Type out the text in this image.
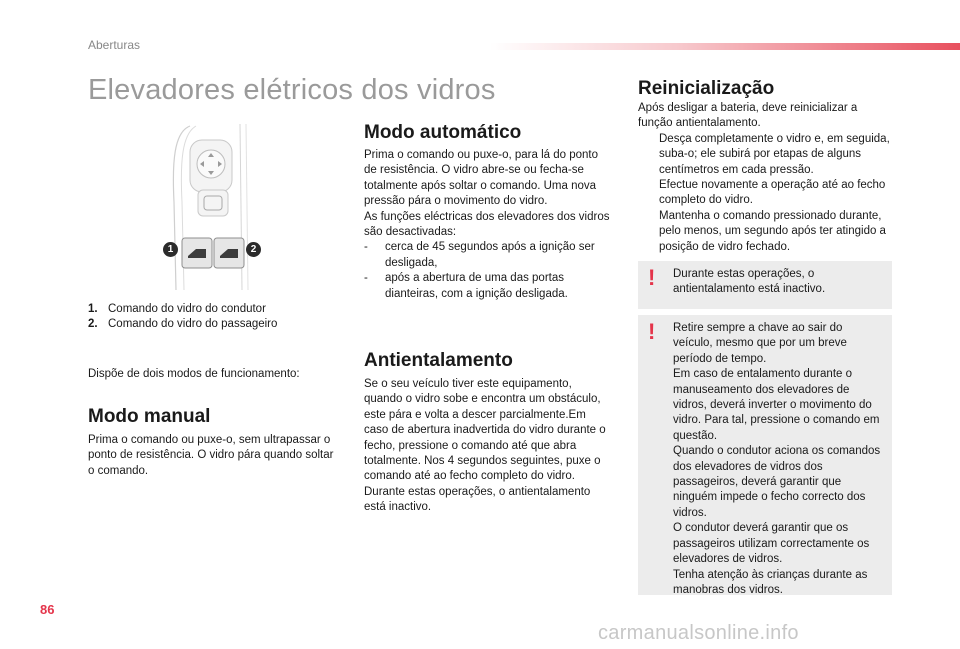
Aberturas
Elevadores elétricos dos vidros
1	2
1. Comando do vidro do condutor
2. Comando do vidro do passageiro

Dispõe de dois modos de funcionamento:

Modo manual

Prima o comando ou puxe-o, sem ultrapassar o ponto de resistência. O vidro pára quando soltar o comando.

Modo automático

Prima o comando ou puxe-o, para lá do ponto de resistência. O vidro abre-se ou fecha-se totalmente após soltar o comando. Uma nova pressão pára o movimento do vidro.

As funções eléctricas dos elevadores dos vidros são desactivadas:

- cerca de 45 segundos após a ignição ser desligada,
- após a abertura de uma das portas dianteiras, com a ignição desligada.
Antientalamento

Se o seu veículo tiver este equipamento, quando o vidro sobe e encontra um obstáculo, este pára e volta a descer parcialmente.Em caso de abertura inadvertida do vidro durante o fecho, pressione o comando até que abra totalmente. Nos 4 segundos seguintes, puxe o comando até ao fecho completo do vidro. Durante estas operações, o antientalamento está inactivo.

Reinicialização

Após desligar a bateria, deve reinicializar a função antientalamento.

Desça completamente o vidro e, em seguida, suba-o; ele subirá por etapas de alguns centímetros em cada pressão.
Efectue novamente a operação até ao fecho completo do vidro.
Mantenha o comando pressionado durante, pelo menos, um segundo após ter atingido a posição de vidro fechado.
! Durante estas operações, o antientalamento está inactivo.
! Retire sempre a chave ao sair do veículo, mesmo que por um breve período de tempo.
Em caso de entalamento durante o manuseamento dos elevadores de vidros, deverá inverter o movimento do vidro. Para tal, pressione o comando em questão.
Quando o condutor aciona os comandos dos elevadores de vidros dos passageiros, deverá garantir que ninguém impede o fecho correcto dos vidros.
O condutor deverá garantir que os passageiros utilizam correctamente os elevadores de vidros.
Tenha atenção às crianças durante as manobras dos vidros.
86
carmanualsonline.info
